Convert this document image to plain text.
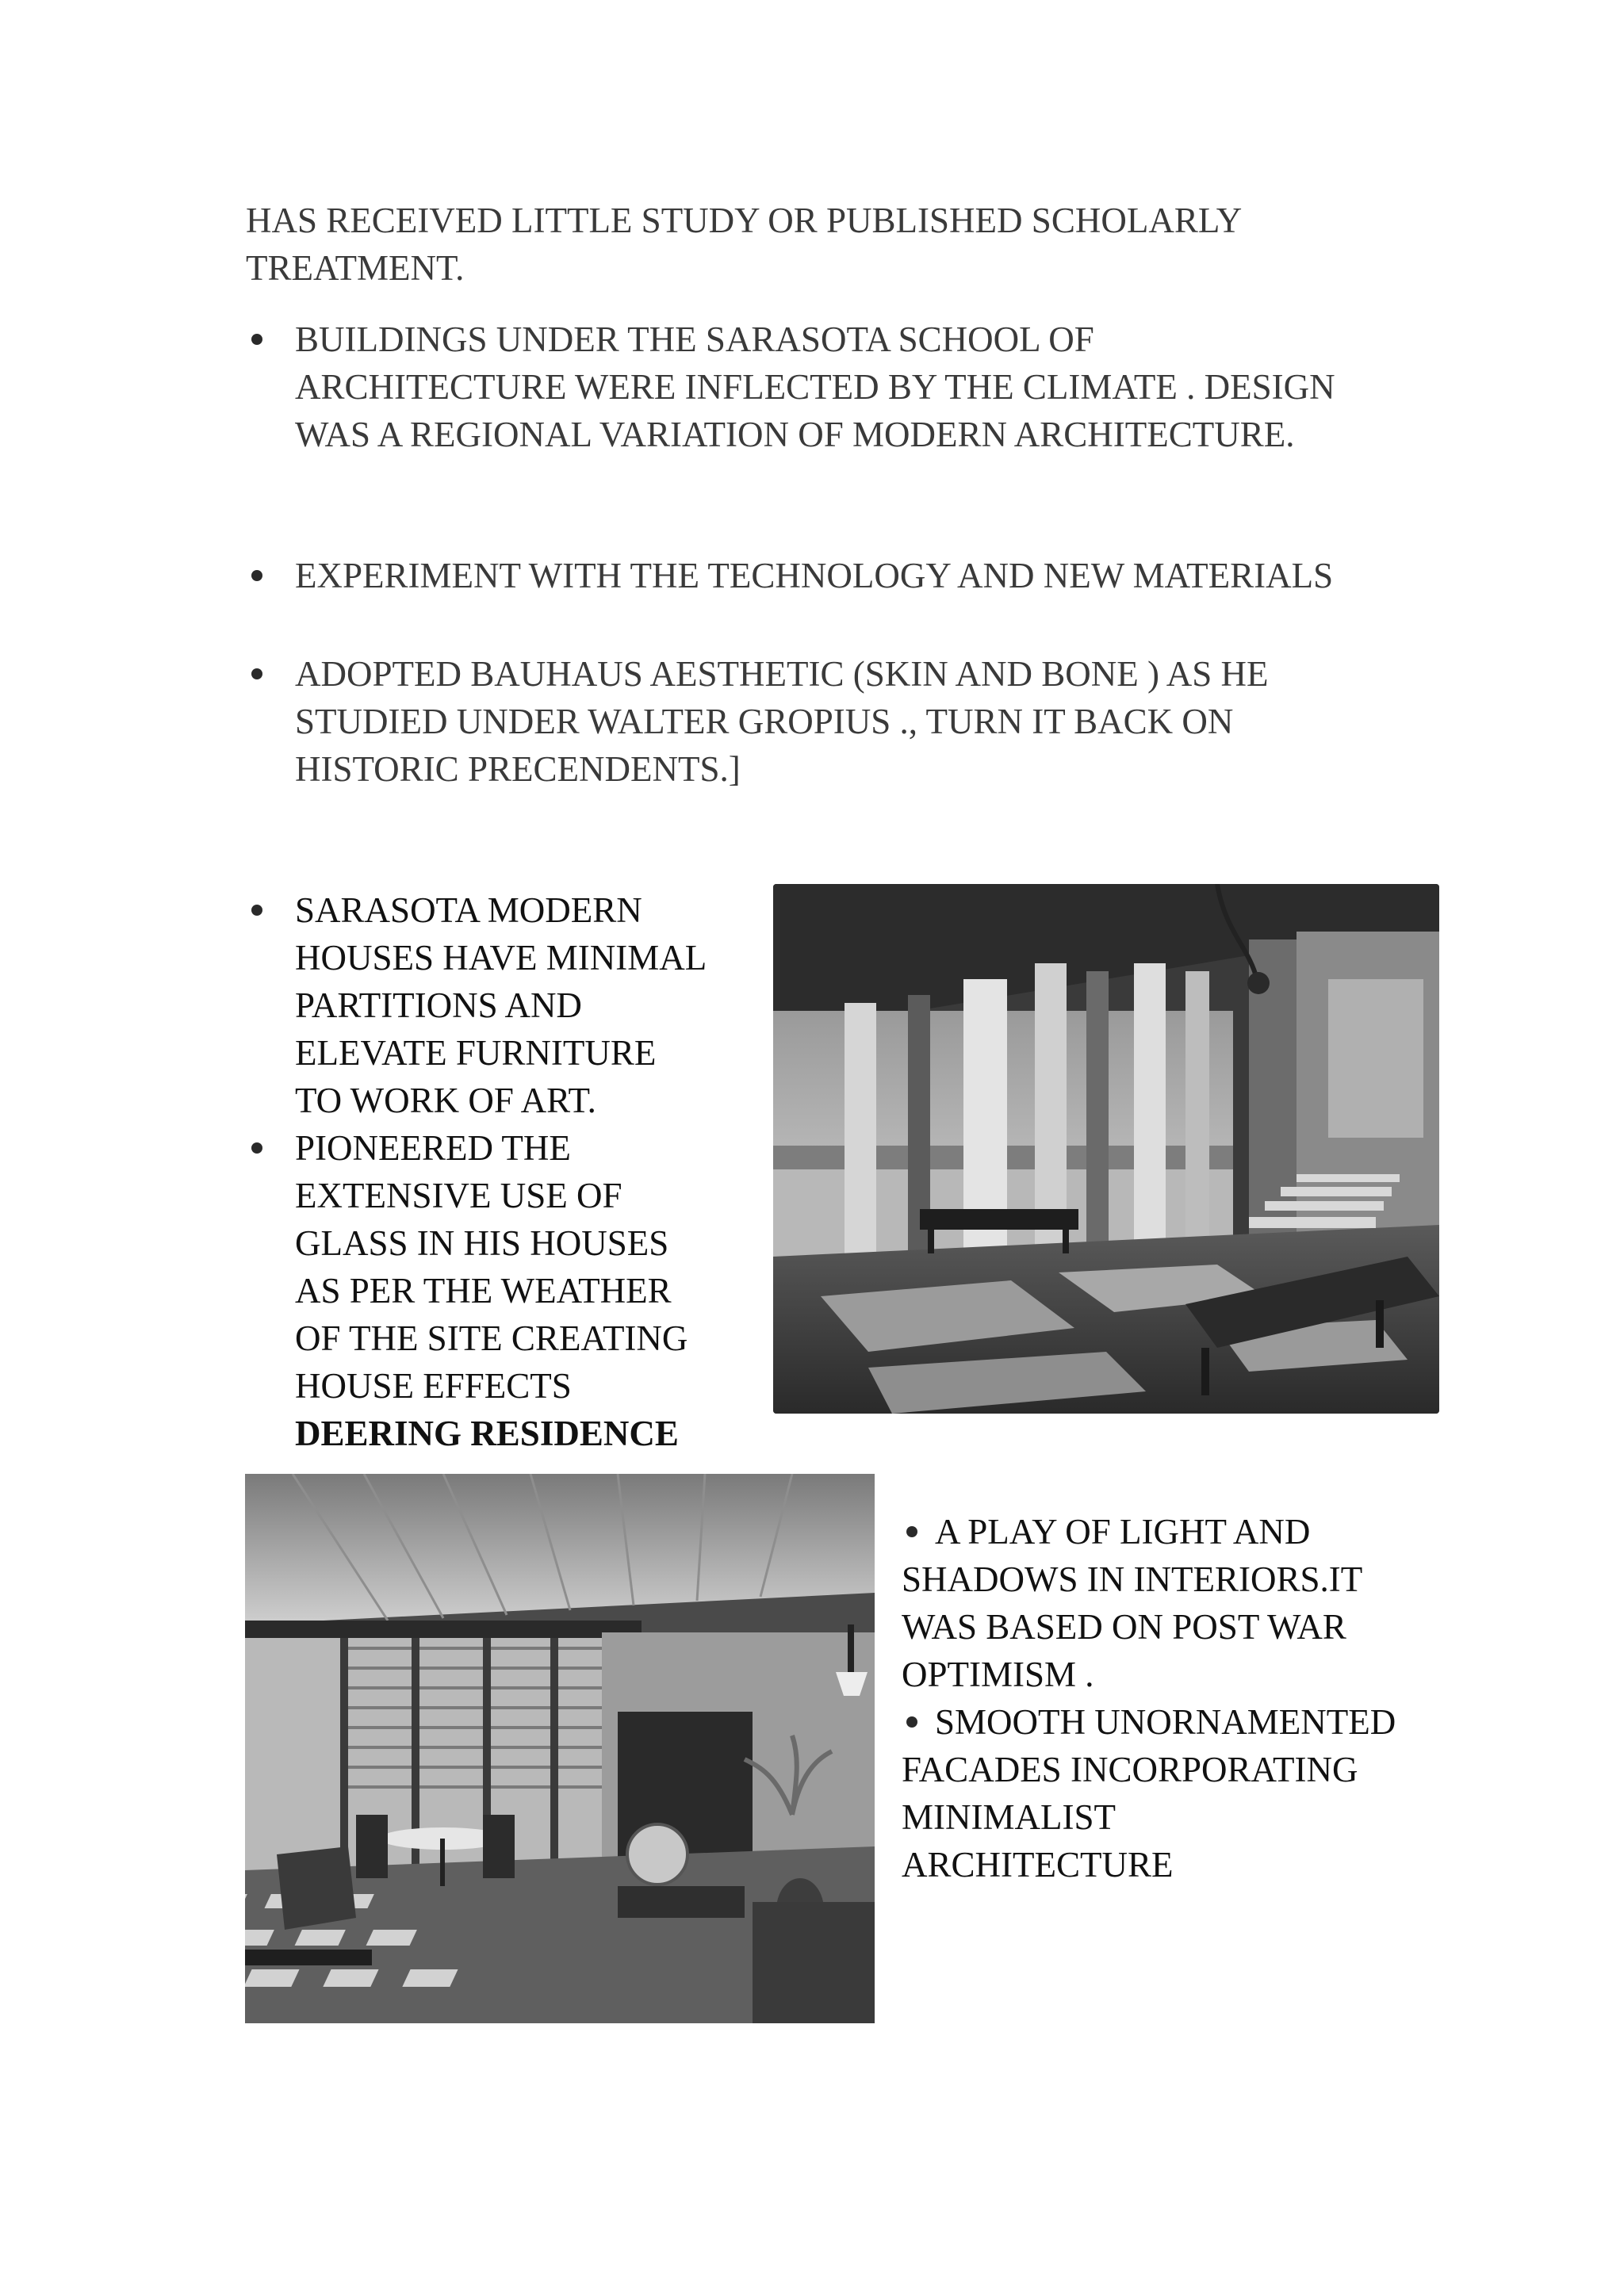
HAS RECEIVED LITTLE STUDY OR PUBLISHED SCHOLARLY
TREATMENT.
BUILDINGS UNDER THE SARASOTA SCHOOL OF
ARCHITECTURE WERE INFLECTED BY THE CLIMATE . DESIGN
WAS A REGIONAL VARIATION OF MODERN ARCHITECTURE.
EXPERIMENT WITH THE TECHNOLOGY AND NEW MATERIALS
ADOPTED BAUHAUS AESTHETIC (SKIN AND BONE ) AS HE
STUDIED UNDER WALTER GROPIUS ., TURN IT BACK ON
HISTORIC PRECENDENTS.]
SARASOTA MODERN
HOUSES HAVE MINIMAL
PARTITIONS AND
ELEVATE FURNITURE
TO WORK OF ART.
PIONEERED THE
EXTENSIVE USE OF
GLASS IN HIS HOUSES
AS PER THE WEATHER
OF THE SITE CREATING
HOUSE EFFECTS
DEERING RESIDENCE
A PLAY OF LIGHT AND
SHADOWS IN INTERIORS.IT
WAS BASED ON POST WAR
OPTIMISM .
SMOOTH UNORNAMENTED
FACADES INCORPORATING
MINIMALIST
ARCHITECTURE
